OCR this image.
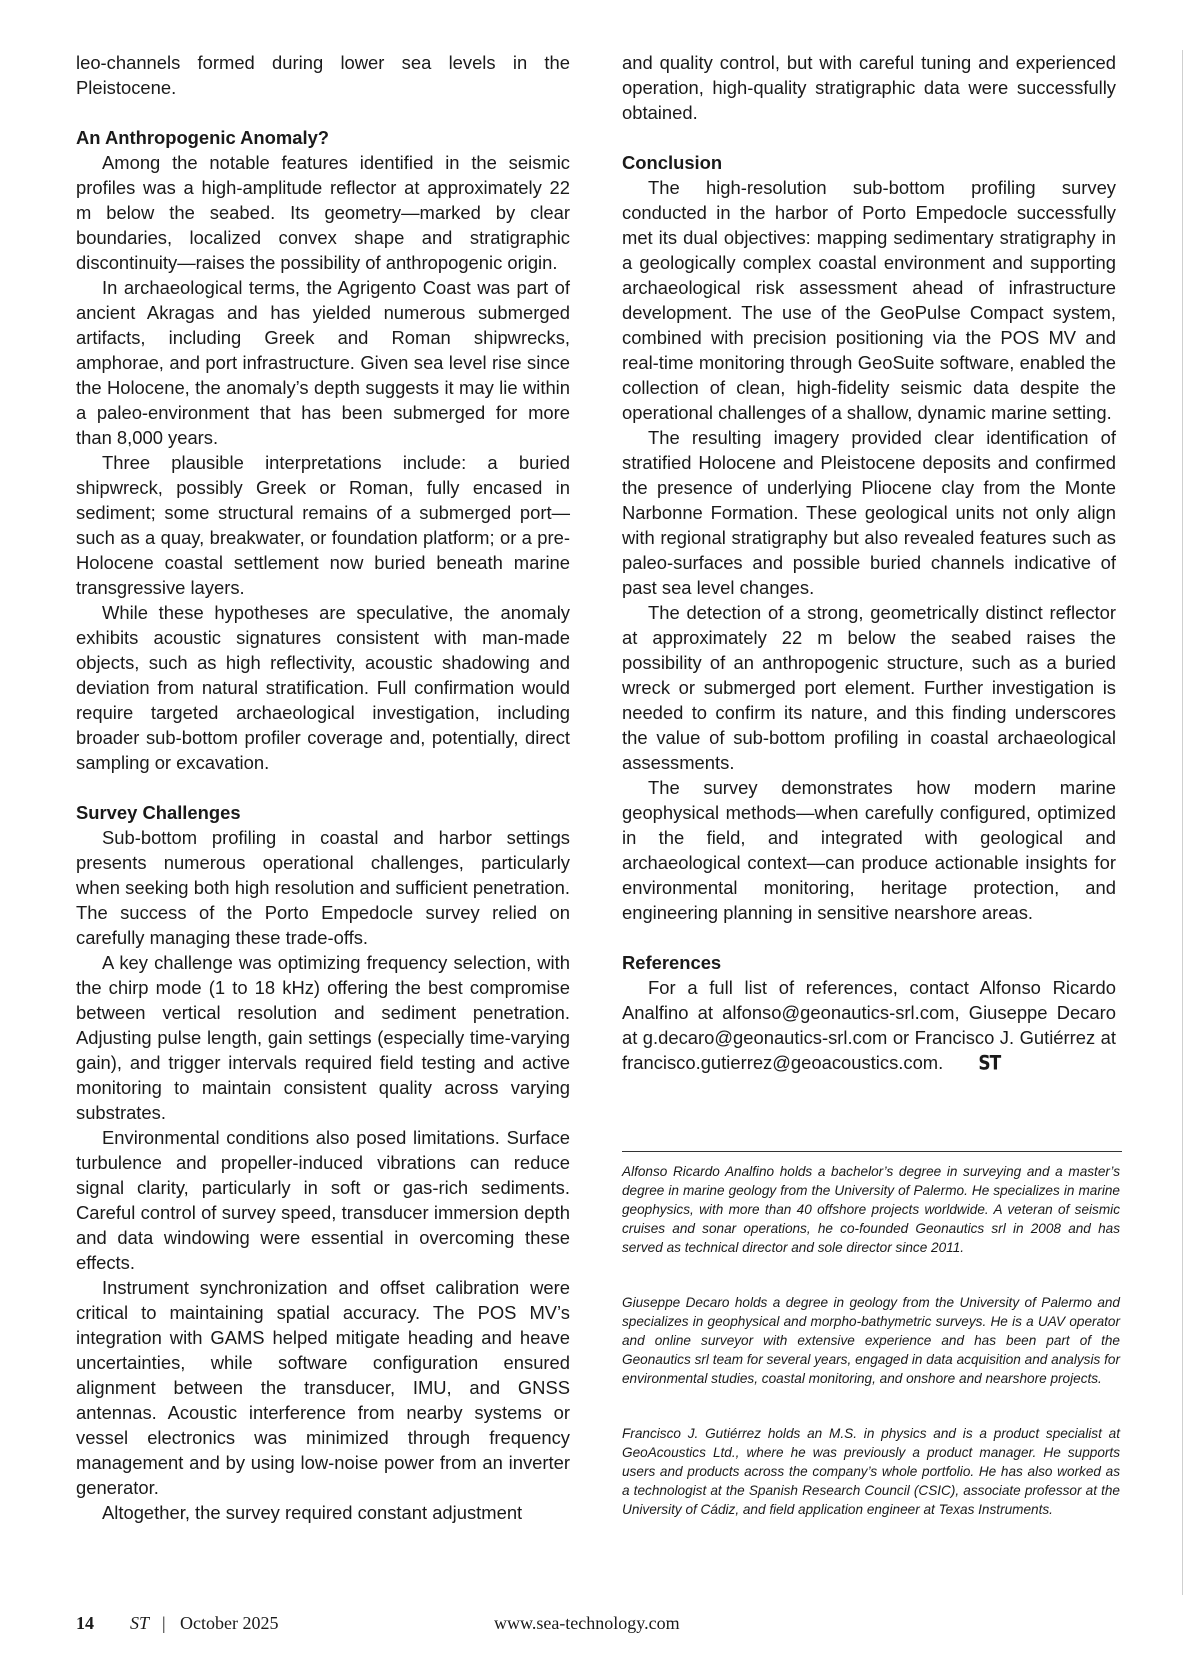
leo-channels formed during lower sea levels in the Pleistocene.

An Anthropogenic Anomaly?

Among the notable features identified in the seismic profiles was a high-amplitude reflector at approximately 22 m below the seabed. Its geometry—marked by clear boundaries, localized convex shape and stratigraphic discontinuity—raises the possibility of anthropogenic origin.

In archaeological terms, the Agrigento Coast was part of ancient Akragas and has yielded numerous submerged artifacts, including Greek and Roman shipwrecks, amphorae, and port infrastructure. Given sea level rise since the Holocene, the anomaly’s depth suggests it may lie within a paleo-environment that has been submerged for more than 8,000 years.

Three plausible interpretations include: a buried shipwreck, possibly Greek or Roman, fully encased in sediment; some structural remains of a submerged port—such as a quay, breakwater, or foundation platform; or a pre-Holocene coastal settlement now buried beneath marine transgressive layers.

While these hypotheses are speculative, the anomaly exhibits acoustic signatures consistent with man-made objects, such as high reflectivity, acoustic shadowing and deviation from natural stratification. Full confirmation would require targeted archaeological investigation, including broader sub-bottom profiler coverage and, potentially, direct sampling or excavation.

Survey Challenges

Sub-bottom profiling in coastal and harbor settings presents numerous operational challenges, particularly when seeking both high resolution and sufficient penetration. The success of the Porto Empedocle survey relied on carefully managing these trade-offs.

A key challenge was optimizing frequency selection, with the chirp mode (1 to 18 kHz) offering the best compromise between vertical resolution and sediment penetration. Adjusting pulse length, gain settings (especially time-varying gain), and trigger intervals required field testing and active monitoring to maintain consistent quality across varying substrates.

Environmental conditions also posed limitations. Surface turbulence and propeller-induced vibrations can reduce signal clarity, particularly in soft or gas-rich sediments. Careful control of survey speed, transducer immersion depth and data windowing were essential in overcoming these effects.

Instrument synchronization and offset calibration were critical to maintaining spatial accuracy. The POS MV’s integration with GAMS helped mitigate heading and heave uncertainties, while software configuration ensured alignment between the transducer, IMU, and GNSS antennas. Acoustic interference from nearby systems or vessel electronics was minimized through frequency management and by using low-noise power from an inverter generator.

Altogether, the survey required constant adjustment

and quality control, but with careful tuning and experienced operation, high-quality stratigraphic data were successfully obtained.

Conclusion

The high-resolution sub-bottom profiling survey conducted in the harbor of Porto Empedocle successfully met its dual objectives: mapping sedimentary stratigraphy in a geologically complex coastal environment and supporting archaeological risk assessment ahead of infrastructure development. The use of the GeoPulse Compact system, combined with precision positioning via the POS MV and real-time monitoring through GeoSuite software, enabled the collection of clean, high-fidelity seismic data despite the operational challenges of a shallow, dynamic marine setting.

The resulting imagery provided clear identification of stratified Holocene and Pleistocene deposits and confirmed the presence of underlying Pliocene clay from the Monte Narbonne Formation. These geological units not only align with regional stratigraphy but also revealed features such as paleo-surfaces and possible buried channels indicative of past sea level changes.

The detection of a strong, geometrically distinct reflector at approximately 22 m below the seabed raises the possibility of an anthropogenic structure, such as a buried wreck or submerged port element. Further investigation is needed to confirm its nature, and this finding underscores the value of sub-bottom profiling in coastal archaeological assessments.

The survey demonstrates how modern marine geophysical methods—when carefully configured, optimized in the field, and integrated with geological and archaeological context—can produce actionable insights for environmental monitoring, heritage protection, and engineering planning in sensitive nearshore areas.

References

For a full list of references, contact Alfonso Ricardo Analfino at alfonso@geonautics-srl.com, Giuseppe Decaro at g.decaro@geonautics-srl.com or Francisco J. Gutiérrez at francisco.gutierrez@geoacoustics.com. ST

Alfonso Ricardo Analfino holds a bachelor’s degree in surveying and a master’s degree in marine geology from the University of Palermo. He specializes in marine geophysics, with more than 40 offshore projects worldwide. A veteran of seismic cruises and sonar operations, he co-founded Geonautics srl in 2008 and has served as technical director and sole director since 2011.

Giuseppe Decaro holds a degree in geology from the University of Palermo and specializes in geophysical and morpho-bathymetric surveys. He is a UAV operator and online surveyor with extensive experience and has been part of the Geonautics srl team for several years, engaged in data acquisition and analysis for environmental studies, coastal monitoring, and onshore and nearshore projects.

Francisco J. Gutiérrez holds an M.S. in physics and is a product specialist at GeoAcoustics Ltd., where he was previously a product manager. He supports users and products across the company’s whole portfolio. He has also worked as a technologist at the Spanish Research Council (CSIC), associate professor at the University of Cádiz, and field application engineer at Texas Instruments.

14 ST | October 2025	www.sea-technology.com
